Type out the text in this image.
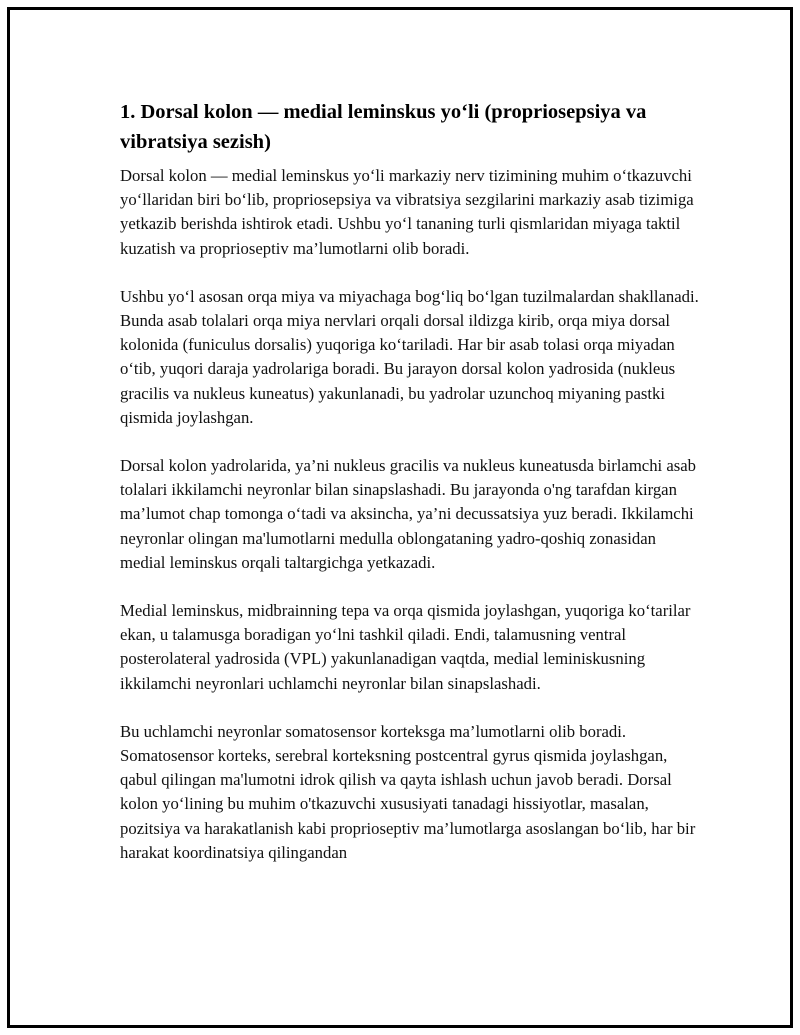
1. Dorsal kolon — medial leminskus yo‘li (propriosepsiya va vibratsiya sezish)

Dorsal kolon — medial leminskus yo‘li markaziy nerv tizimining muhim o‘tkazuvchi yo‘llaridan biri bo‘lib, propriosepsiya va vibratsiya sezgilarini markaziy asab tizimiga yetkazib berishda ishtirok etadi. Ushbu yo‘l tananing turli qismlaridan miyaga taktil kuzatish va proprioseptiv ma’lumotlarni olib boradi.

Ushbu yo‘l asosan orqa miya va miyachaga bog‘liq bo‘lgan tuzilmalardan shakllanadi. Bunda asab tolalari orqa miya nervlari orqali dorsal ildizga kirib, orqa miya dorsal kolonida (funiculus dorsalis) yuqoriga ko‘tariladi. Har bir asab tolasi orqa miyadan o‘tib, yuqori daraja yadrolariga boradi. Bu jarayon dorsal kolon yadrosida (nukleus gracilis va nukleus kuneatus) yakunlanadi, bu yadrolar uzunchoq miyaning pastki qismida joylashgan.

Dorsal kolon yadrolarida, ya’ni nukleus gracilis va nukleus kuneatusda birlamchi asab tolalari ikkilamchi neyronlar bilan sinapslashadi. Bu jarayonda o'ng tarafdan kirgan ma’lumot chap tomonga o‘tadi va aksincha, ya’ni decussatsiya yuz beradi. Ikkilamchi neyronlar olingan ma'lumotlarni medulla oblongataning yadro-qoshiq zonasidan medial leminskus orqali taltargichga yetkazadi.

Medial leminskus, midbrainning tepa va orqa qismida joylashgan, yuqoriga ko‘tarilar ekan, u talamusga boradigan yo‘lni tashkil qiladi. Endi, talamusning ventral posterolateral yadrosida (VPL) yakunlanadigan vaqtda, medial leminiskusning ikkilamchi neyronlari uchlamchi neyronlar bilan sinapslashadi.

Bu uchlamchi neyronlar somatosensor korteksga ma’lumotlarni olib boradi. Somatosensor korteks, serebral korteksning postcentral gyrus qismida joylashgan, qabul qilingan ma'lumotni idrok qilish va qayta ishlash uchun javob beradi. Dorsal kolon yo‘lining bu muhim o'tkazuvchi xususiyati tanadagi hissiyotlar, masalan, pozitsiya va harakatlanish kabi proprioseptiv ma’lumotlarga asoslangan bo‘lib, har bir harakat koordinatsiya qilingandan
